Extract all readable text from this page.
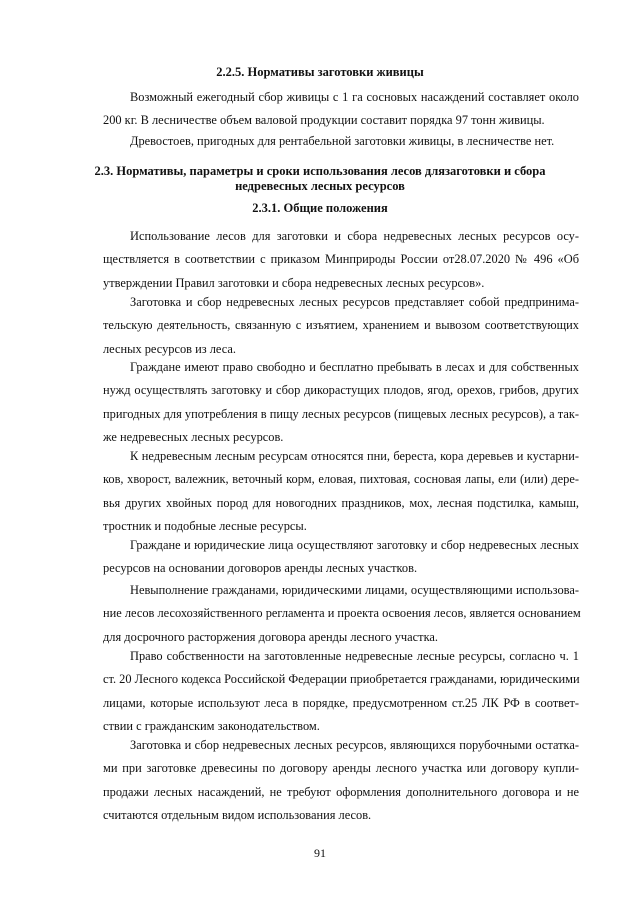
2.2.5. Нормативы заготовки живицы
Возможный ежегодный сбор живицы с 1 га сосновых насаждений составляет около
200 кг. В лесничестве объем валовой продукции составит порядка 97 тонн живицы.
Древостоев, пригодных для рентабельной заготовки живицы, в лесничестве нет.
2.3. Нормативы, параметры и сроки использования лесов длязаготовки и сбора
недревесных лесных ресурсов
2.3.1. Общие положения
Использование лесов для заготовки и сбора недревесных лесных ресурсов осу-
ществляется в соответствии с приказом Минприроды России от28.07.2020 № 496 «Об
утверждении Правил заготовки и сбора недревесных лесных ресурсов».
Заготовка и сбор недревесных лесных ресурсов представляет собой предпринима-
тельскую деятельность, связанную с изъятием, хранением и вывозом соответствующих
лесных ресурсов из леса.
Граждане имеют право свободно и бесплатно пребывать в лесах и для собственных
нужд осуществлять заготовку и сбор дикорастущих плодов, ягод, орехов, грибов, других
пригодных для употребления в пищу лесных ресурсов (пищевых лесных ресурсов), а так-
же недревесных лесных ресурсов.
К недревесным лесным ресурсам относятся пни, береста, кора деревьев и кустарни-
ков, хворост, валежник, веточный корм, еловая, пихтовая, сосновая лапы, ели (или) дере-
вья других хвойных пород для новогодних праздников, мох, лесная подстилка, камыш,
тростник и подобные лесные ресурсы.
Граждане и юридические лица осуществляют заготовку и сбор недревесных лесных
ресурсов на основании договоров аренды лесных участков.
Невыполнение гражданами, юридическими лицами, осуществляющими использова-
ние лесов лесохозяйственного регламента и проекта освоения лесов, является основанием
для досрочного расторжения договора аренды лесного участка.
Право собственности на заготовленные недревесные лесные ресурсы, согласно ч. 1
ст. 20 Лесного кодекса Российской Федерации приобретается гражданами, юридическими
лицами, которые используют леса в порядке, предусмотренном ст.25 ЛК РФ в соответ-
ствии с гражданским законодательством.
Заготовка и сбор недревесных лесных ресурсов, являющихся порубочными остатка-
ми при заготовке древесины по договору аренды лесного участка или договору купли-
продажи лесных насаждений, не требуют оформления дополнительного договора и не
считаются отдельным видом использования лесов.
91
